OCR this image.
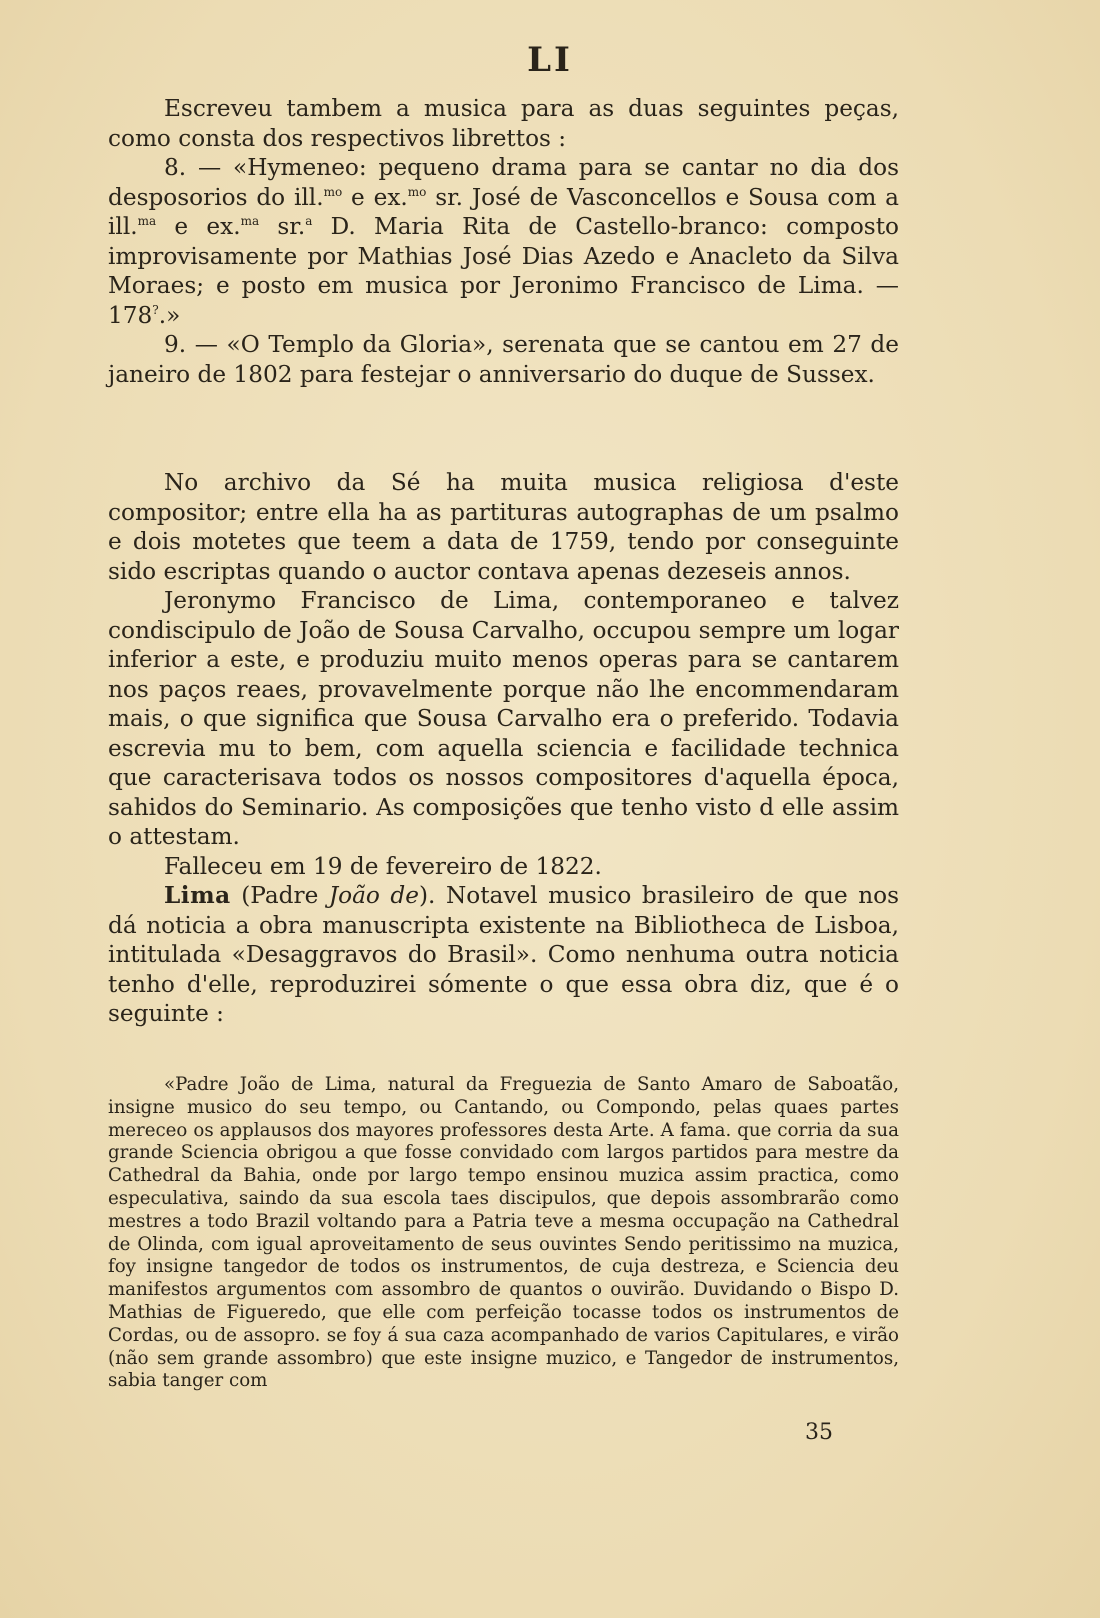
LI

Escreveu tambem a musica para as duas seguintes peças, como consta dos respectivos librettos :

8. — «Hymeneo: pequeno drama para se cantar no dia dos desposorios do ill.$^{mo}$ e ex.$^{mo}$ sr. José de Vasconcellos e Sousa com a ill.$^{ma}$ e ex.$^{ma}$ sr.$^a$ D. Maria Rita de Castello-branco: composto improvisamente por Mathias José Dias Azedo e Anacleto da Silva Moraes; e posto em musica por Jeronimo Francisco de Lima. — 178?.»

9. — «O Templo da Gloria», serenata que se cantou em 27 de janeiro de 1802 para festejar o anniversario do duque de Sussex.

No archivo da Sé ha muita musica religiosa d'este compositor; entre ella ha as partituras autographas de um psalmo e dois motetes que teem a data de 1759, tendo por conseguinte sido escriptas quando o auctor contava apenas dezeseis annos.

Jeronymo Francisco de Lima, contemporaneo e talvez condiscipulo de João de Sousa Carvalho, occupou sempre um logar inferior a este, e produziu muito menos operas para se cantarem nos paços reaes, provavelmente porque não lhe encommendaram mais, o que significa que Sousa Carvalho era o preferido. Todavia escrevia mu to bem, com aquella sciencia e facilidade technica que caracterisava todos os nossos compositores d'aquella época, sahidos do Seminario. As composições que tenho visto d elle assim o attestam.

Falleceu em 19 de fevereiro de 1822.

Lima (Padre João de). Notavel musico brasileiro de que nos dá noticia a obra manuscripta existente na Bibliotheca de Lisboa, intitulada «Desaggravos do Brasil». Como nenhuma outra noticia tenho d'elle, reproduzirei sómente o que essa obra diz, que é o seguinte :

«Padre João de Lima, natural da Freguezia de Santo Amaro de Saboatão, insigne musico do seu tempo, ou Cantando, ou Compondo, pelas quaes partes mereceo os applausos dos mayores professores desta Arte. A fama. que corria da sua grande Sciencia obrigou a que fosse convidado com largos partidos para mestre da Cathedral da Bahia, onde por largo tempo ensinou muzica assim practica, como especulativa, saindo da sua escola taes discipulos, que depois assombrarão como mestres a todo Brazil voltando para a Patria teve a mesma occupação na Cathedral de Olinda, com igual aproveitamento de seus ouvintes Sendo peritissimo na muzica, foy insigne tangedor de todos os instrumentos, de cuja destreza, e Sciencia deu manifestos argumentos com assombro de quantos o ouvirão. Duvidando o Bispo D. Mathias de Figueredo, que elle com perfeição tocasse todos os instrumentos de Cordas, ou de assopro. se foy á sua caza acompanhado de varios Capitulares, e virão (não sem grande assombro) que este insigne muzico, e Tangedor de instrumentos, sabia tanger com

35
